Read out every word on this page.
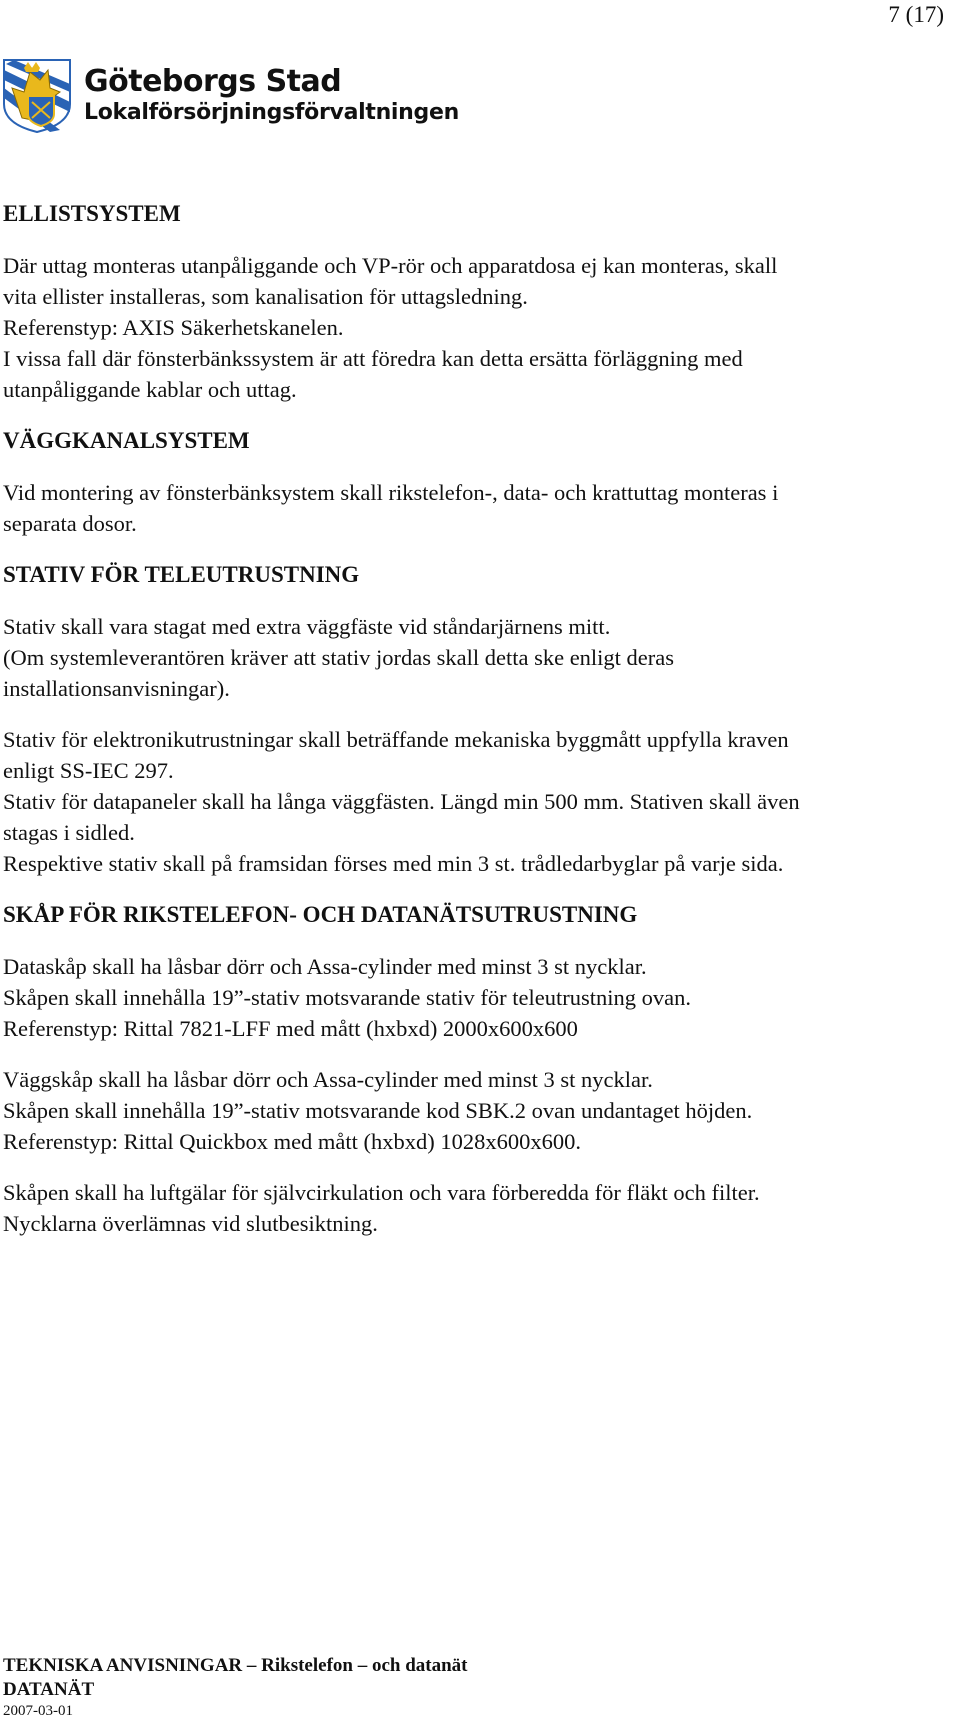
7 (17)
Göteborgs Stad
Lokalförsörjningsförvaltningen
ELLISTSYSTEM

Där uttag monteras utanpåliggande och VP-rör och apparatdosa ej kan monteras, skall

vita ellister installeras, som kanalisation för uttagsledning.

Referenstyp: AXIS Säkerhetskanelen.

I vissa fall där fönsterbänkssystem är att föredra kan detta ersätta förläggning med

utanpåliggande kablar och uttag.

VÄGGKANALSYSTEM

Vid montering av fönsterbänksystem skall rikstelefon-, data- och krattuttag monteras i

separata dosor.

STATIV FÖR TELEUTRUSTNING

Stativ skall vara stagat med extra väggfäste vid ståndarjärnens mitt.

(Om systemleverantören kräver att stativ jordas skall detta ske enligt deras

installationsanvisningar).

Stativ för elektronikutrustningar skall beträffande mekaniska byggmått uppfylla kraven

enligt SS-IEC 297.

Stativ för datapaneler skall ha långa väggfästen. Längd min 500 mm. Stativen skall även

stagas i sidled.

Respektive stativ skall på framsidan förses med min 3 st. trådledarbyglar på varje sida.

SKÅP FÖR RIKSTELEFON- OCH DATANÄTSUTRUSTNING

Dataskåp skall ha låsbar dörr och Assa-cylinder med minst 3 st nycklar.

Skåpen skall innehålla 19”-stativ motsvarande stativ för teleutrustning ovan.

Referenstyp: Rittal 7821-LFF med mått (hxbxd) 2000x600x600

Väggskåp skall ha låsbar dörr och Assa-cylinder med minst 3 st nycklar.

Skåpen skall innehålla 19”-stativ motsvarande kod SBK.2 ovan undantaget höjden.

Referenstyp: Rittal Quickbox med mått (hxbxd) 1028x600x600.

Skåpen skall ha luftgälar för självcirkulation och vara förberedda för fläkt och filter.

Nycklarna överlämnas vid slutbesiktning.

TEKNISKA ANVISNINGAR – Rikstelefon – och datanät
DATANÄT
2007-03-01
